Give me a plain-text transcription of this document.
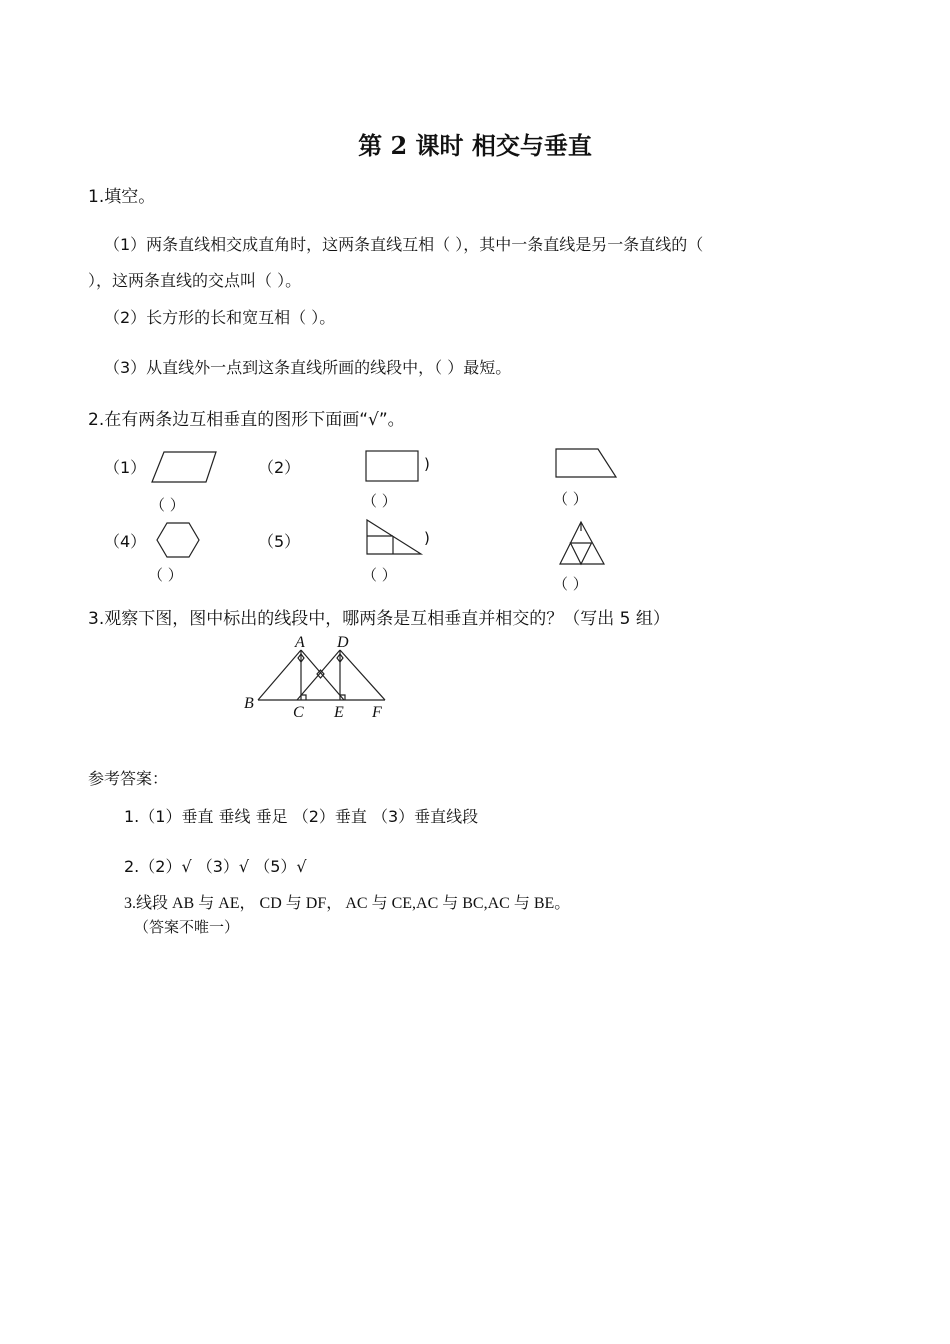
第 2 课时 相交与垂直
1.填空。
（1）两条直线相交成直角时，这两条直线互相（ ），其中一条直线是另一条直线的（
），这两条直线的交点叫（ ）。
（2）长方形的长和宽互相（ ）。
（3）从直线外一点到这条直线所画的线段中，（ ）最短。
2.在有两条边互相垂直的图形下面画“√”。
（1）
（ ）
（2）	)
（ ）	（ ）
（4）
（ ）
（5）	)
（ ）	（ ）
3.观察下图，图中标出的线段中，哪两条是互相垂直并相交的？（写出 5 组）
A D
B
C E F
参考答案：
1.（1）垂直 垂线 垂足 （2）垂直 （3）垂直线段
2.（2）√ （3）√ （5）√
3.线段 AB 与 AE， CD 与 DF， AC 与 CE,AC 与 BC,AC 与 BE。
（答案不唯一）
